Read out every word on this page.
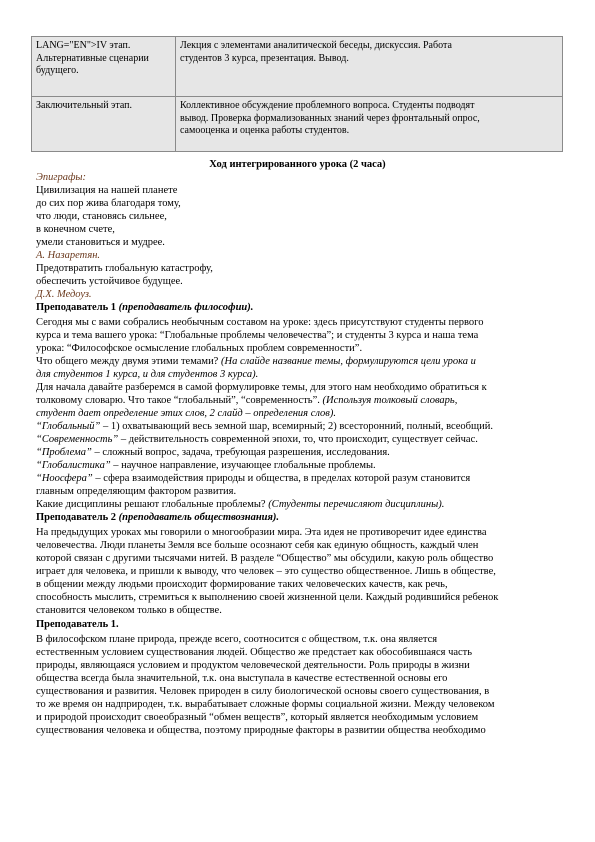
LANG="EN">IV этап.
Альтернативные сценарии
будущего.	Лекция с элементами аналитической беседы, дискуссия. Работа
студентов 3 курса, презентация. Вывод.

Заключительный этап.	Коллективное обсуждение проблемного вопроса. Студенты подводят
вывод. Проверка формализованных знаний через фронтальный опрос,
самооценка и оценка работы студентов.
Ход интегрированного урока (2 часа)
Эпиграфы:
Цивилизация на нашей планете
до сих пор жива благодаря тому,
что люди, становясь сильнее,
в конечном счете,
умели становиться и мудрее.
А. Назаретян.
Предотвратить глобальную катастрофу,
обеспечить устойчивое будущее.
Д.Х. Медоуз.
Преподаватель 1 (преподаватель философии).
Сегодня мы с вами собрались необычным составом на уроке: здесь присутствуют студенты первого
курса и тема вашего урока: “Глобальные проблемы человечества”; и студенты 3 курса и наша тема
урока: “Философское осмысление глобальных проблем современности”.
Что общего между двумя этими темами? (На слайде название темы, формулируются цели урока и
для студентов 1 курса, и для студентов 3 курса).
Для начала давайте разберемся в самой формулировке темы, для этого нам необходимо обратиться к
толковому словарю. Что такое “глобальный”, “современность”. (Используя толковый словарь,
студент дает определение этих слов, 2 слайд – определения слов).
“Глобальный” – 1) охватывающий весь земной шар, всемирный; 2) всесторонний, полный, всеобщий.
“Современность” – действительность современной эпохи, то, что происходит, существует сейчас.
“Проблема” – сложный вопрос, задача, требующая разрешения, исследования.
“Глобалистика” – научное направление, изучающее глобальные проблемы.
“Ноосфера” – сфера взаимодействия природы и общества, в пределах которой разум становится
главным определяющим фактором развития.
Какие дисциплины решают глобальные проблемы? (Студенты перечисляют дисциплины).
Преподаватель 2 (преподаватель обществознания).
На предыдущих уроках мы говорили о многообразии мира. Эта идея не противоречит идее единства
человечества. Люди планеты Земля все больше осознают себя как единую общность, каждый член
которой связан с другими тысячами нитей. В разделе “Общество” мы обсудили, какую роль общество
играет для человека, и пришли к выводу, что человек – это существо общественное. Лишь в обществе,
в общении между людьми происходит формирование таких человеческих качеств, как речь,
способность мыслить, стремиться к выполнению своей жизненной цели. Каждый родившийся ребенок
становится человеком только в обществе.
Преподаватель 1.
В философском плане природа, прежде всего, соотносится с обществом, т.к. она является
естественным условием существования людей. Общество же предстает как обособившаяся часть
природы, являющаяся условием и продуктом человеческой деятельности. Роль природы в жизни
общества всегда была значительной, т.к. она выступала в качестве естественной основы его
существования и развития. Человек природен в силу биологической основы своего существования, в
то же время он надприроден, т.к. вырабатывает сложные формы социальной жизни. Между человеком
и природой происходит своеобразный “обмен веществ”, который является необходимым условием
существования человека и общества, поэтому природные факторы в развитии общества необходимо
